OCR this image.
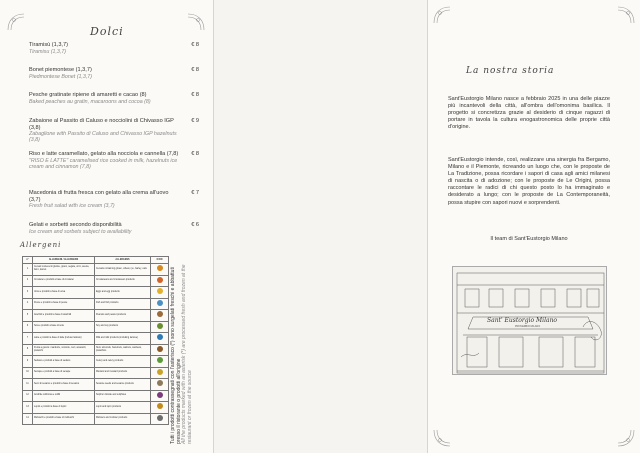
Dolci
Tiramisù (1,3,7)
Tiramisu (1,3,7)
€ 8
Bonet piemontese (1,3,7)
Piedmontese Bonet (1,3,7)
€ 8
Pesche gratinate ripiene di amaretti e cacao (8)
Baked peaches au gratin, macaroons and cocoa (8)
€ 8
Zabaione al Passito di Caluso e nocciolini di Chivasso IGP (3,8)
Zabaglione with Passito di Caluso and Chivasso IGP hazelnuts (3,8)
€ 9
Riso e latte caramellato, gelato alla nocciola e cannella (7,8)
"RISO E LATTE" caramelised rice cooked in milk, hazelnuts ice cream and cinnamon (7,8)
€ 8
Macedonia di frutta fresca con gelato alla crema all'uovo (3,7)
Fresh fruit salad with ice cream (3,7)
€ 7
Gelati e sorbetti secondo disponibilità
Ice cream and sorbets subject to availability
€ 6
Allergeni
n°	ALLERGENI / ALLERGENS	ALLERGENS	ICON
1	Cereali contenenti glutine, grano, segale, orzo, avena, farro, kamut	Cereals containing gluten, wheat, rye, barley, oats	
2	Crostacei e prodotti a base di crostacei	Crustaceans and crustacean products	
3	Uova e prodotti a base di uova	Eggs and egg products	
4	Pesce e prodotti a base di pesce	Fish and fish products	
5	Arachidi e prodotti a base di arachidi	Peanuts and peanut products	
6	Soia e prodotti a base di soia	Soy and soy products	
7	Latte e prodotti a base di latte (incluso lattosio)	Milk and milk products (including lactose)	
8	Frutta a guscio: mandorle, nocciole, noci, anacardi, pistacchi	Nuts: almonds, hazelnuts, walnuts, cashews, pistachios	
9	Sedano e prodotti a base di sedano	Celery and celery products	
10	Senape e prodotti a base di senape	Mustard and mustard products	
11	Semi di sesamo e prodotti a base di sesamo	Sesame seeds and sesame products	
12	Anidride solforosa e solfiti	Sulphur dioxide and sulphites	
13	Lupini e prodotti a base di lupini	Lupin and lupin products	
14	Molluschi e prodotti a base di molluschi	Molluscs and mollusc products		Tutti i prodotti contrassegnati con l'asterisco (*) sono surgelati freschi e abbattuti presso il ristorante o prodotti all'origine All the products marked with an asterisk (*) are processed fresh and frozen at the restaurant or frozen at the source
La nostra storia

Sant'Eustorgio Milano nasce a febbraio 2025 in una delle piazze più incantevoli della città, all'ombra dell'omonima basilica. Il progetto si concretizza grazie al desiderio di cinque ragazzi di portare in tavola la cultura enogastronomica delle proprie città d'origine.

Sant'Eustorgio intende, così, realizzare una sinergia fra Bergamo, Milano e il Piemonte, ricreando un luogo che, con le proposte de La Tradizione, possa ricordare i sapori di casa agli amici milanesi di nascita o di adozione; con le proposte de Le Origini, possa raccontare le radici di chi questo posto lo ha immaginato e desiderato a lungo; con le proposte de La Contemporaneità, possa stupire con sapori nuovi e sorprendenti.

Il team di Sant'Eustorgio Milano

Sant' Eustorgio Milano
PROVERBIO MILANO
